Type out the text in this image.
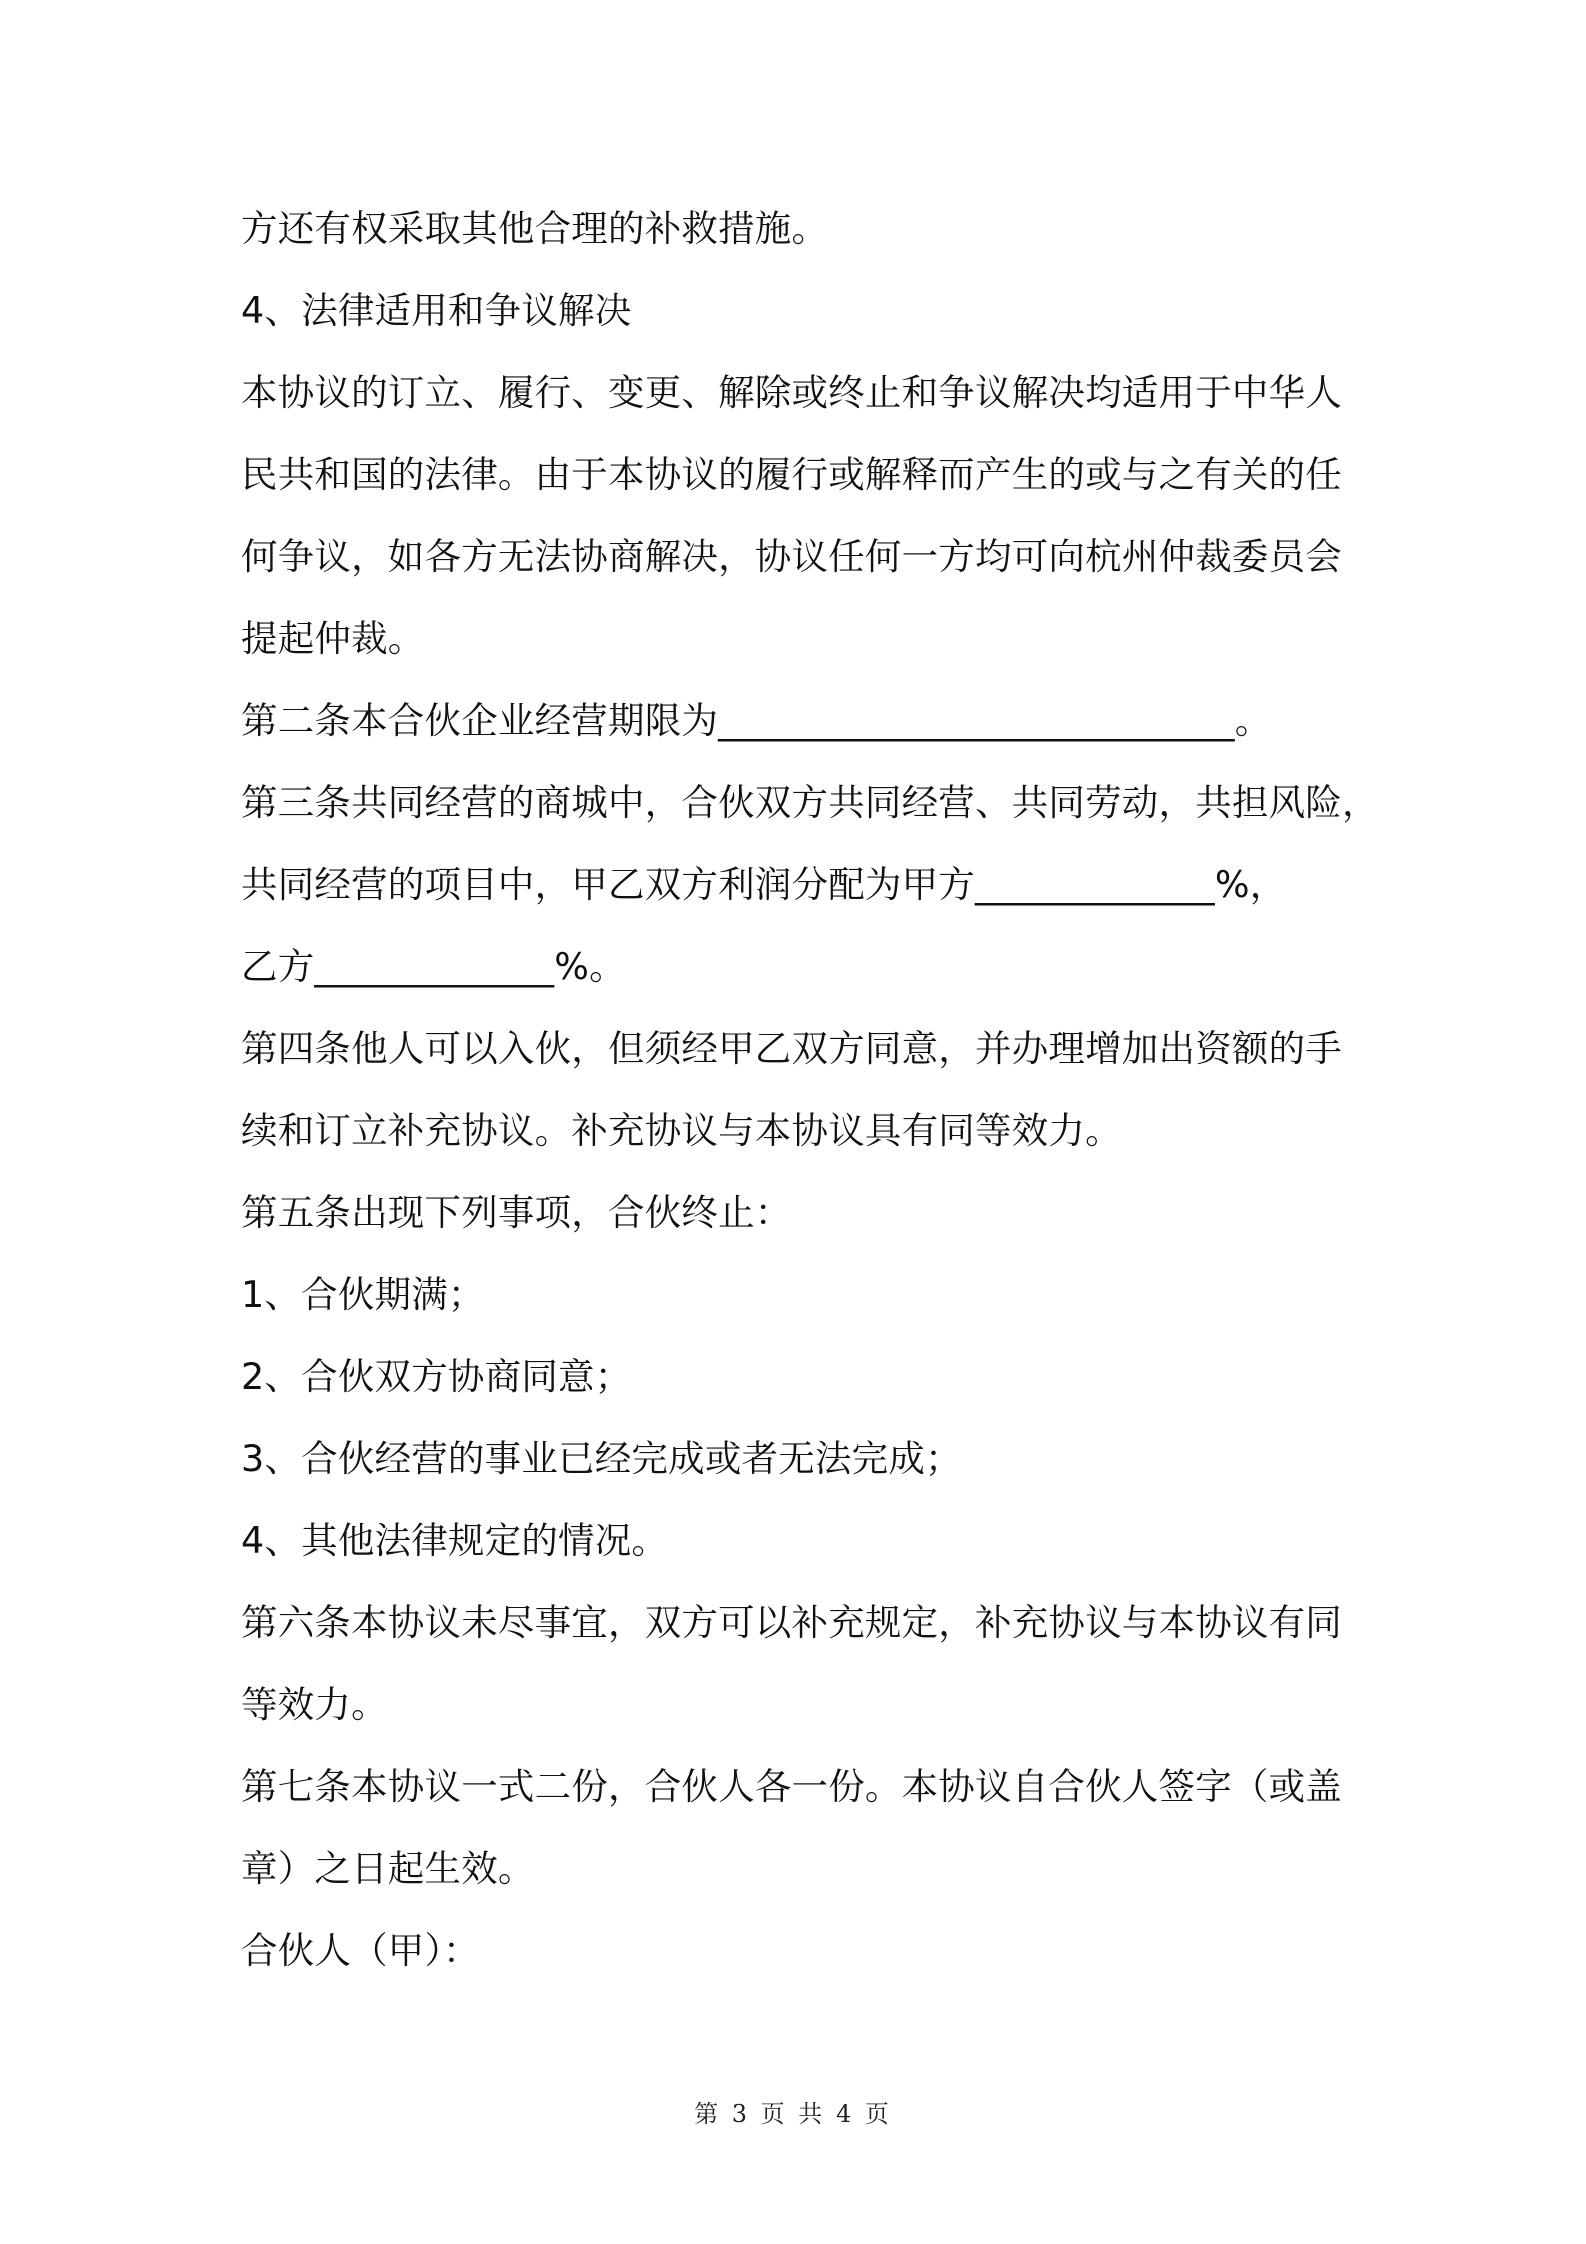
方还有权采取其他合理的补救措施。
4、法律适用和争议解决
本协议的订立、履行、变更、解除或终止和争议解决均适用于中华人
民共和国的法律。由于本协议的履行或解释而产生的或与之有关的任
何争议，如各方无法协商解决，协议任何一方均可向杭州仲裁委员会
提起仲裁。
第二条本合伙企业经营期限为____________________________。
第三条共同经营的商城中，合伙双方共同经营、共同劳动，共担风险，
共同经营的项目中，甲乙双方利润分配为甲方_____________%，
乙方_____________%。
第四条他人可以入伙，但须经甲乙双方同意，并办理增加出资额的手
续和订立补充协议。补充协议与本协议具有同等效力。
第五条出现下列事项，合伙终止：
1、合伙期满；
2、合伙双方协商同意；
3、合伙经营的事业已经完成或者无法完成；
4、其他法律规定的情况。
第六条本协议未尽事宜，双方可以补充规定，补充协议与本协议有同
等效力。
第七条本协议一式二份，合伙人各一份。本协议自合伙人签字（或盖
章）之日起生效。
合伙人（甲）：
第 3 页 共 4 页
